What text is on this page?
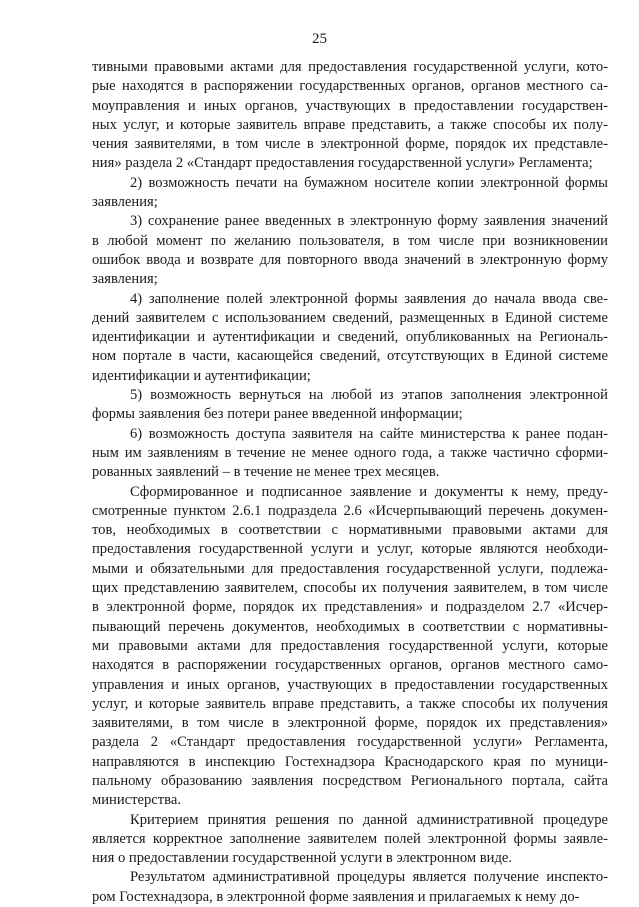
25
тивными правовыми актами для предоставления государственной услуги, кото-
рые находятся в распоряжении государственных органов, органов местного са-
моуправления и иных органов, участвующих в предоставлении государствен-
ных услуг, и которые заявитель вправе представить, а также способы их полу-
чения заявителями, в том числе в электронной форме, порядок их представле-
ния» раздела 2 «Стандарт предоставления государственной услуги» Регламента;
2) возможность печати на бумажном носителе копии электронной формы
заявления;
3) сохранение ранее введенных в электронную форму заявления значений
в любой момент по желанию пользователя, в том числе при возникновении
ошибок ввода и возврате для повторного ввода значений в электронную форму
заявления;
4) заполнение полей электронной формы заявления до начала ввода све-
дений заявителем с использованием сведений, размещенных в Единой системе
идентификации и аутентификации и сведений, опубликованных на Региональ-
ном портале в части, касающейся сведений, отсутствующих в Единой системе
идентификации и аутентификации;
5) возможность вернуться на любой из этапов заполнения электронной
формы заявления без потери ранее введенной информации;
6) возможность доступа заявителя на сайте министерства к ранее подан-
ным им заявлениям в течение не менее одного года, а также частично сформи-
рованных заявлений – в течение не менее трех месяцев.
Сформированное и подписанное заявление и документы к нему, преду-
смотренные пунктом 2.6.1 подраздела 2.6 «Исчерпывающий перечень докумен-
тов, необходимых в соответствии с нормативными правовыми актами для
предоставления государственной услуги и услуг, которые являются необходи-
мыми и обязательными для предоставления государственной услуги, подлежа-
щих представлению заявителем, способы их получения заявителем, в том числе
в электронной форме, порядок их представления» и подразделом 2.7 «Исчер-
пывающий перечень документов, необходимых в соответствии с нормативны-
ми правовыми актами для предоставления государственной услуги, которые
находятся в распоряжении государственных органов, органов местного само-
управления и иных органов, участвующих в предоставлении государственных
услуг, и которые заявитель вправе представить, а также способы их получения
заявителями, в том числе в электронной форме, порядок их представления»
раздела 2 «Стандарт предоставления государственной услуги» Регламента,
направляются в инспекцию Гостехнадзора Краснодарского края по муници-
пальному образованию заявления посредством Регионального портала, сайта
министерства.
Критерием принятия решения по данной административной процедуре
является корректное заполнение заявителем полей электронной формы заявле-
ния о предоставлении государственной услуги в электронном виде.
Результатом административной процедуры является получение инспекто-
ром Гостехнадзора, в электронной форме заявления и прилагаемых к нему до-
